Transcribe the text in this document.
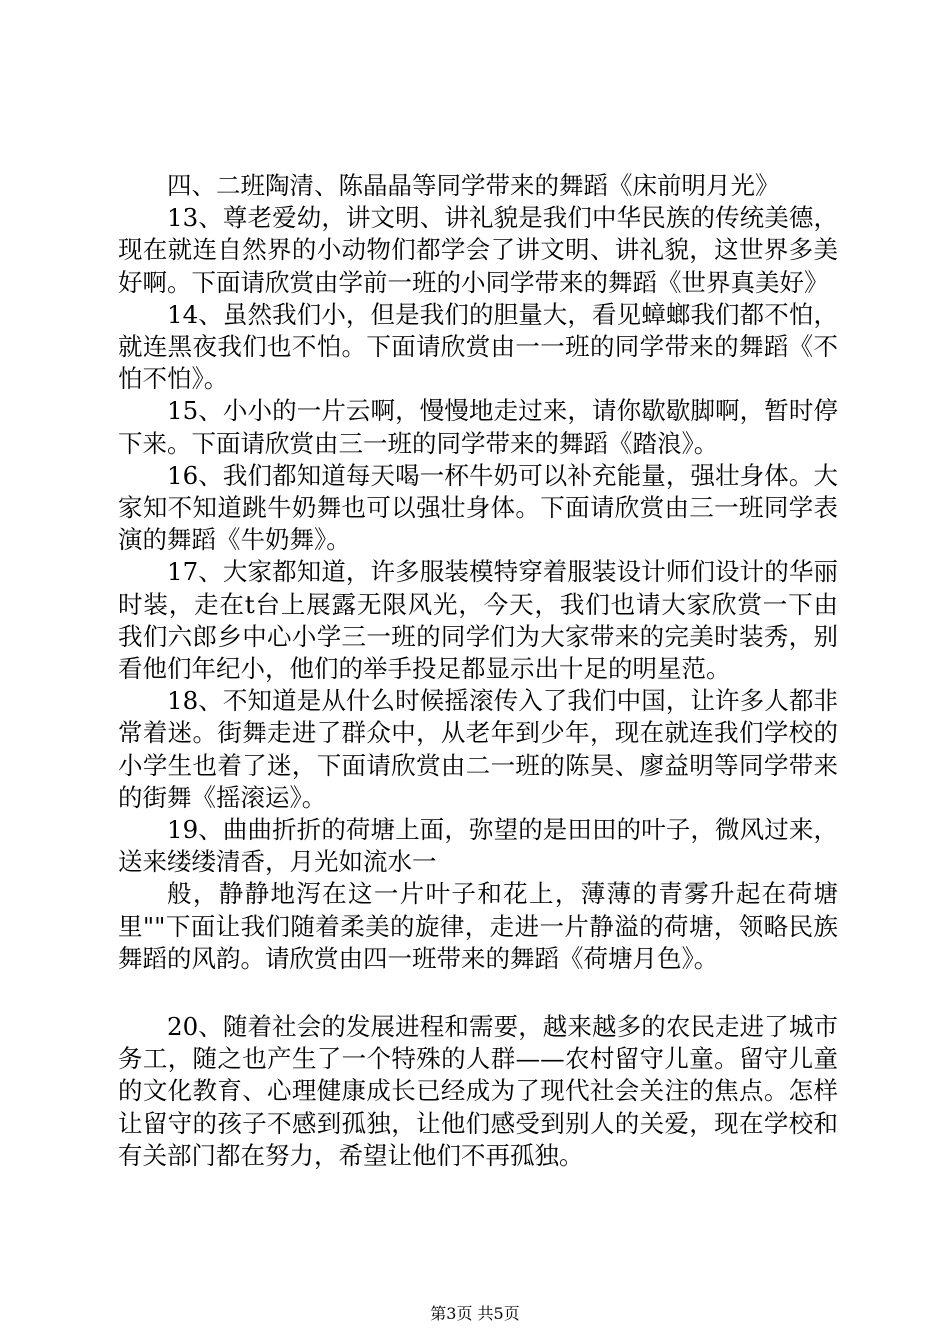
四、二班陶清、陈晶晶等同学带来的舞蹈《床前明月光》

13、尊老爱幼，讲文明、讲礼貌是我们中华民族的传统美德，现在就连自然界的小动物们都学会了讲文明、讲礼貌，这世界多美好啊。下面请欣赏由学前一班的小同学带来的舞蹈《世界真美好》

14、虽然我们小，但是我们的胆量大，看见蟑螂我们都不怕，就连黑夜我们也不怕。下面请欣赏由一一班的同学带来的舞蹈《不怕不怕》。

15、小小的一片云啊，慢慢地走过来，请你歇歇脚啊，暂时停下来。下面请欣赏由三一班的同学带来的舞蹈《踏浪》。

16、我们都知道每天喝一杯牛奶可以补充能量，强壮身体。大家知不知道跳牛奶舞也可以强壮身体。下面请欣赏由三一班同学表演的舞蹈《牛奶舞》。

17、大家都知道，许多服装模特穿着服装设计师们设计的华丽时装，走在t台上展露无限风光，今天，我们也请大家欣赏一下由我们六郎乡中心小学三一班的同学们为大家带来的完美时装秀，别看他们年纪小，他们的举手投足都显示出十足的明星范。

18、不知道是从什么时候摇滚传入了我们中国，让许多人都非常着迷。街舞走进了群众中，从老年到少年，现在就连我们学校的小学生也着了迷，下面请欣赏由二一班的陈昊、廖益明等同学带来的街舞《摇滚运》。

19、曲曲折折的荷塘上面，弥望的是田田的叶子，微风过来，送来缕缕清香，月光如流水一

般，静静地泻在这一片叶子和花上，薄薄的青雾升起在荷塘里""下面让我们随着柔美的旋律，走进一片静溢的荷塘，领略民族舞蹈的风韵。请欣赏由四一班带来的舞蹈《荷塘月色》。

20、随着社会的发展进程和需要，越来越多的农民走进了城市务工，随之也产生了一个特殊的人群——农村留守儿童。留守儿童的文化教育、心理健康成长已经成为了现代社会关注的焦点。怎样让留守的孩子不感到孤独，让他们感受到别人的关爱，现在学校和有关部门都在努力，希望让他们不再孤独。

第3页 共5页
